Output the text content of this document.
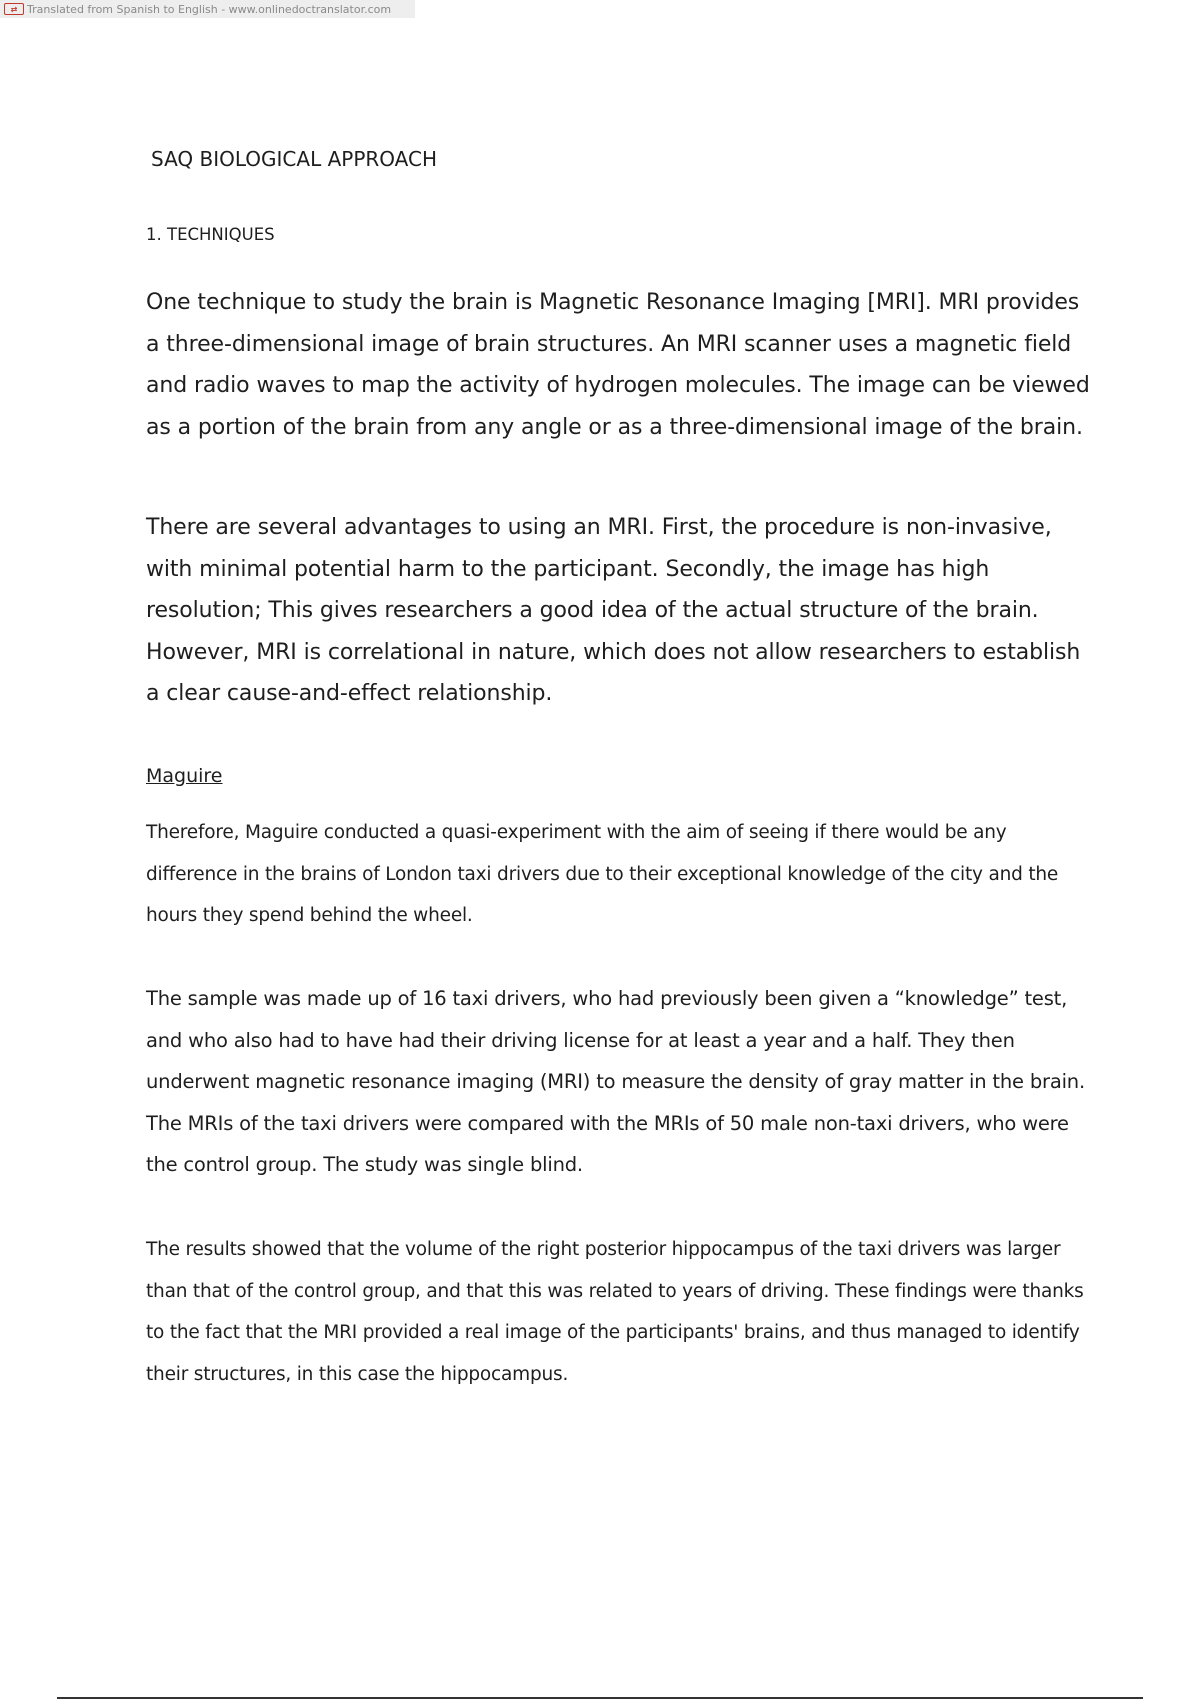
⇄ Translated from Spanish to English - www.onlinedoctranslator.com
SAQ BIOLOGICAL APPROACH
1. TECHNIQUES

One technique to study the brain is Magnetic Resonance Imaging [MRI]. MRI provides a three-dimensional image of brain structures. An MRI scanner uses a magnetic field and radio waves to map the activity of hydrogen molecules. The image can be viewed as a portion of the brain from any angle or as a three-dimensional image of the brain.

There are several advantages to using an MRI. First, the procedure is non-invasive, with minimal potential harm to the participant. Secondly, the image has high resolution; This gives researchers a good idea of the actual structure of the brain. However, MRI is correlational in nature, which does not allow researchers to establish a clear cause-and-effect relationship.

Maguire

Therefore, Maguire conducted a quasi-experiment with the aim of seeing if there would be any difference in the brains of London taxi drivers due to their exceptional knowledge of the city and the hours they spend behind the wheel.

The sample was made up of 16 taxi drivers, who had previously been given a “knowledge” test, and who also had to have had their driving license for at least a year and a half. They then underwent magnetic resonance imaging (MRI) to measure the density of gray matter in the brain. The MRIs of the taxi drivers were compared with the MRIs of 50 male non-taxi drivers, who were the control group. The study was single blind.

The results showed that the volume of the right posterior hippocampus of the taxi drivers was larger than that of the control group, and that this was related to years of driving. These findings were thanks to the fact that the MRI provided a real image of the participants' brains, and thus managed to identify their structures, in this case the hippocampus.
